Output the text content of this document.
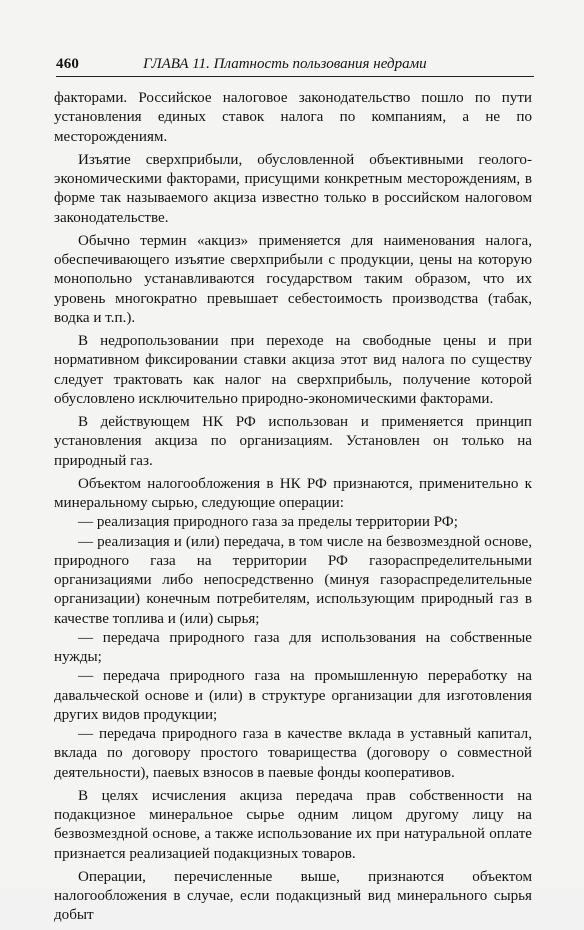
460	ГЛАВА 11. Платность пользования недрами

факторами. Российское налоговое законодательство пошло по пути установления единых ставок налога по компаниям, а не по месторождениям.

Изъятие сверхприбыли, обусловленной объективными геолого-экономическими факторами, присущими конкретным месторождениям, в форме так называемого акциза известно только в российском налоговом законодательстве.

Обычно термин «акциз» применяется для наименования налога, обеспечивающего изъятие сверхприбыли с продукции, цены на которую монопольно устанавливаются государством таким образом, что их уровень многократно превышает себестоимость производства (табак, водка и т.п.).

В недропользовании при переходе на свободные цены и при нормативном фиксировании ставки акциза этот вид налога по существу следует трактовать как налог на сверхприбыль, получение которой обусловлено исключительно природно-экономическими факторами.

В действующем НК РФ использован и применяется принцип установления акциза по организациям. Установлен он только на природный газ.

Объектом налогообложения в НК РФ признаются, применительно к минеральному сырью, следующие операции:

— реализация природного газа за пределы территории РФ;

— реализация и (или) передача, в том числе на безвозмездной основе, природного газа на территории РФ газораспределительными организациями либо непосредственно (минуя газораспределительные организации) конечным потребителям, использующим природный газ в качестве топлива и (или) сырья;

— передача природного газа для использования на собственные нужды;

— передача природного газа на промышленную переработку на давальческой основе и (или) в структуре организации для изготовления других видов продукции;

— передача природного газа в качестве вклада в уставный капитал, вклада по договору простого товарищества (договору о совместной деятельности), паевых взносов в паевые фонды кооперативов.

В целях исчисления акциза передача прав собственности на подакцизное минеральное сырье одним лицом другому лицу на безвозмездной основе, а также использование их при натуральной оплате признается реализацией подакцизных товаров.

Операции, перечисленные выше, признаются объектом налогообложения в случае, если подакцизный вид минерального сырья добыт
